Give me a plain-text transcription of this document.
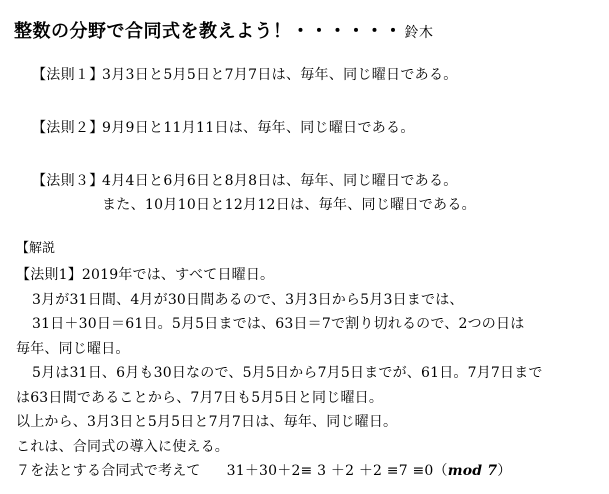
整数の分野で合同式を教えよう！・・・・・・ 鈴木
【法則１】3月3日と5月5日と7月7日は、毎年、同じ曜日である。
【法則２】9月9日と11月11日は、毎年、同じ曜日である。
【法則３】4月4日と6月6日と8月8日は、毎年、同じ曜日である。
また、10月10日と12月12日は、毎年、同じ曜日である。
【解説
【法則1】2019年では、すべて日曜日。
3月が31日間、4月が30日間あるので、3月3日から5月3日までは、
31日＋30日＝61日。5月5日までは、63日＝7で割り切れるので、2つの日は
毎年、同じ曜日。
5月は31日、6月も30日なので、5月5日から7月5日までが、61日。7月7日まで
は63日間であることから、7月7日も5月5日と同じ曜日。
以上から、3月3日と5月5日と7月7日は、毎年、同じ曜日。
これは、合同式の導入に使える。
７を法とする合同式で考えて 31＋30＋2≡ 3 ＋2 ＋2 ≡7 ≡0（mod 7）
